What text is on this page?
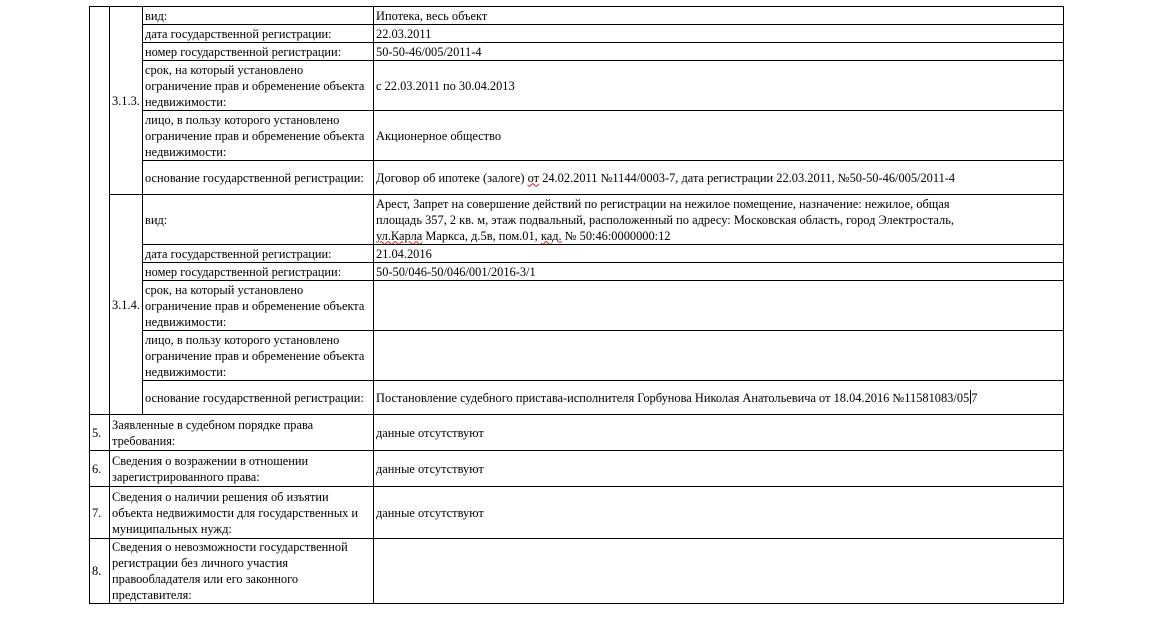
	3.1.3.	вид:	Ипотека, весь объект
		дата государственной регистрации:	22.03.2011
		номер государственной регистрации:	50-50-46/005/2011-4
		срок, на который установлено ограничение прав и обременение объекта недвижимости:	с 22.03.2011 по 30.04.2013
		лицо, в пользу которого установлено ограничение прав и обременение объекта недвижимости:	Акционерное общество
		основание государственной регистрации:	Договор об ипотеке (залоге) от 24.02.2011 №1144/0003-7, дата регистрации 22.03.2011, №50-50-46/005/2011-4
	3.1.4.	вид:	Арест, Запрет на совершение действий по регистрации на нежилое помещение, назначение: нежилое, общая
площадь 357, 2 кв. м, этаж подвальный, расположенный по адресу: Московская область, город Электросталь,
ул.Карла Маркса, д.5в, пом.01, кад. № 50:46:0000000:12
		дата государственной регистрации:	21.04.2016
		номер государственной регистрации:	50-50/046-50/046/001/2016-3/1
		срок, на который установлено ограничение прав и обременение объекта недвижимости:	
		лицо, в пользу которого установлено ограничение прав и обременение объекта недвижимости:	
		основание государственной регистрации:	Постановление судебного пристава-исполнителя Горбунова Николая Анатольевича от 18.04.2016 №11581083/05 7
5.	Заявленные в судебном порядке права требования:		данные отсутствуют
6.	Сведения о возражении в отношении зарегистрированного права:		данные отсутствуют
7.	Сведения о наличии решения об изъятии объекта недвижимости для государственных и муниципальных нужд:		данные отсутствуют
8.	Сведения о невозможности государственной регистрации без личного участия правообладателя или его законного представителя:		
